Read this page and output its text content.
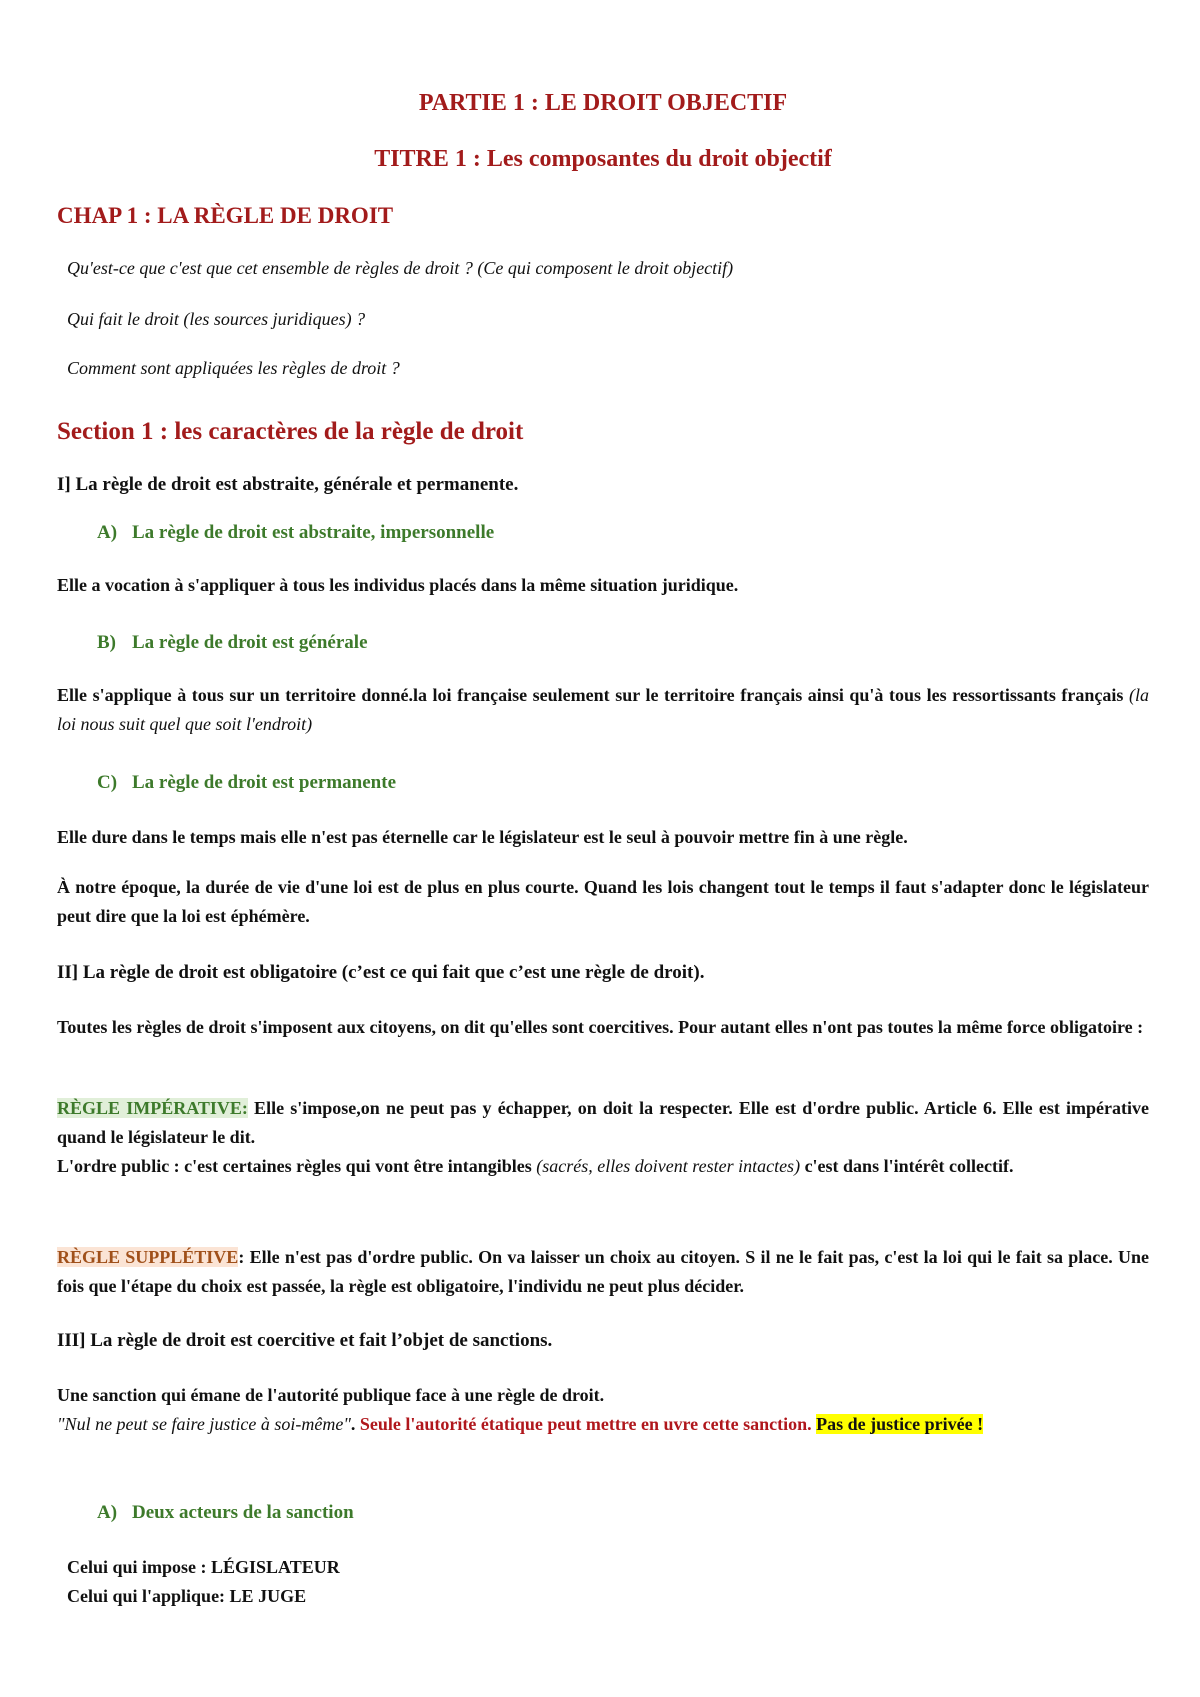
PARTIE 1 : LE DROIT OBJECTIF
TITRE 1 : Les composantes du droit objectif
CHAP 1 : LA RÈGLE DE DROIT
Qu'est-ce que c'est que cet ensemble de règles de droit ? (Ce qui composent le droit objectif)
Qui fait le droit (les sources juridiques) ?
Comment sont appliquées les règles de droit ?
Section 1 : les caractères de la règle de droit
I] La règle de droit est abstraite, générale et permanente.
A) La règle de droit est abstraite, impersonnelle
Elle a vocation à s'appliquer à tous les individus placés dans la même situation juridique.
B) La règle de droit est générale
Elle s'applique à tous sur un territoire donné.la loi française seulement sur le territoire français ainsi qu'à tous les ressortissants français (la loi nous suit quel que soit l'endroit)
C) La règle de droit est permanente
Elle dure dans le temps mais elle n'est pas éternelle car le législateur est le seul à pouvoir mettre fin à une règle.
À notre époque, la durée de vie d'une loi est de plus en plus courte. Quand les lois changent tout le temps il faut s'adapter donc le législateur peut dire que la loi est éphémère.
II] La règle de droit est obligatoire (c’est ce qui fait que c’est une règle de droit).
Toutes les règles de droit s'imposent aux citoyens, on dit qu'elles sont coercitives. Pour autant elles n'ont pas toutes la même force obligatoire :
RÈGLE IMPÉRATIVE: Elle s'impose,on ne peut pas y échapper, on doit la respecter. Elle est d'ordre public. Article 6. Elle est impérative quand le législateur le dit.
L'ordre public : c'est certaines règles qui vont être intangibles (sacrés, elles doivent rester intactes) c'est dans l'intérêt collectif.
RÈGLE SUPPLÉTIVE: Elle n'est pas d'ordre public. On va laisser un choix au citoyen. S il ne le fait pas, c'est la loi qui le fait sa place. Une fois que l'étape du choix est passée, la règle est obligatoire, l'individu ne peut plus décider.
III] La règle de droit est coercitive et fait l’objet de sanctions.
Une sanction qui émane de l'autorité publique face à une règle de droit.
"Nul ne peut se faire justice à soi-même". Seule l'autorité étatique peut mettre en uvre cette sanction. Pas de justice privée !
A) Deux acteurs de la sanction
Celui qui impose : LÉGISLATEUR
Celui qui l'applique: LE JUGE
